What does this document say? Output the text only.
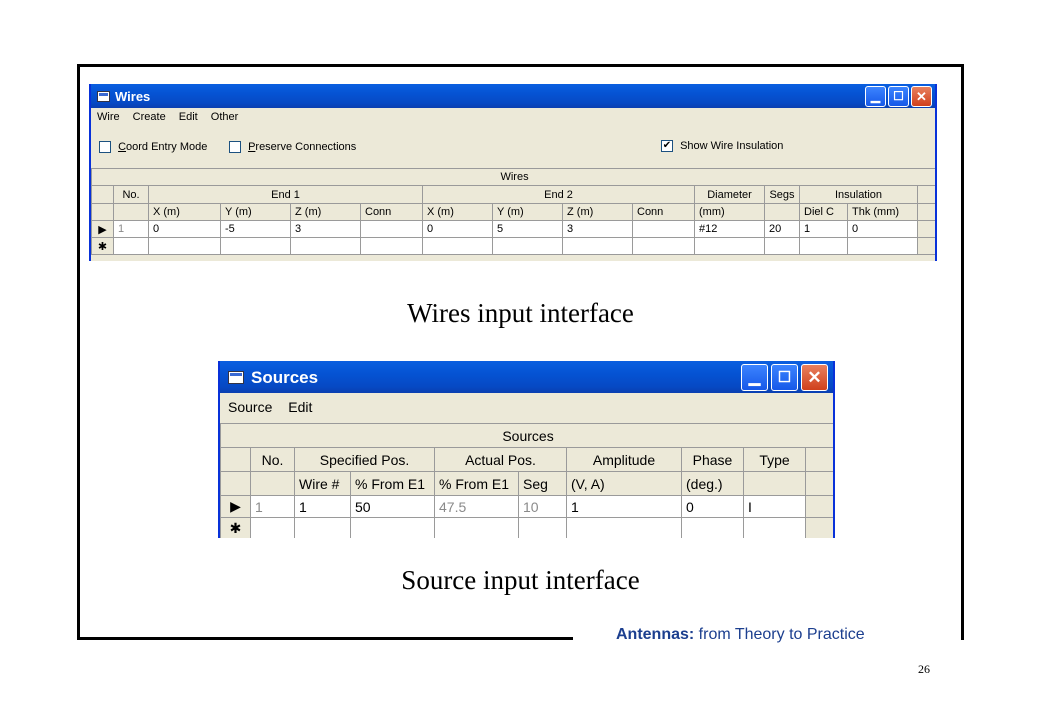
Wires	▁	☐ ✕
Wire Create Edit Other
Coord Entry Mode	Preserve Connections	✔ Show Wire Insulation
Wires														
	No.	End 1				End 2				Diameter	Segs	Insulation		
		X (m)	Y (m)	Z (m)	Conn	X (m)	Y (m)	Z (m)	Conn	(mm)		Diel C	Thk (mm)	
▶	1	0	-5	3		0	5	3		#12	20	1	0	
✱														
Wires input interface
Sources	▁	☐ ✕
Source Edit
Sources									
	No.	Specified Pos.		Actual Pos.		Amplitude	Phase	Type	
		Wire #	% From E1	% From E1	Seg	(V, A)	(deg.)		
▶	1	1	50	47.5	10	1	0	I	
✱									
Source input interface
Antennas: from Theory to Practice
26
